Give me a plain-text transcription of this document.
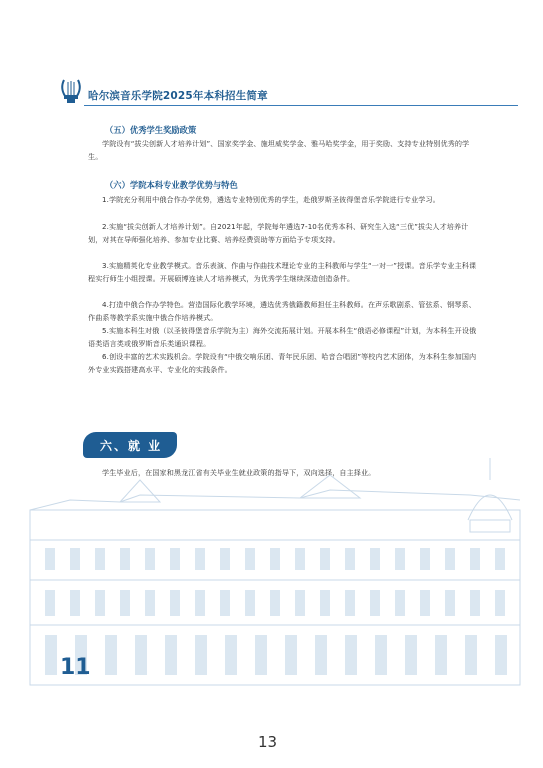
哈尔滨音乐学院2025年本科招生简章
（五）优秀学生奖励政策

学院设有“拔尖创新人才培养计划”、国家奖学金、施坦威奖学金、雅马哈奖学金，用于奖励、支持专业特别优秀的学生。

（六）学院本科专业教学优势与特色

1.学院充分利用中俄合作办学优势，遴选专业特别优秀的学生，赴俄罗斯圣彼得堡音乐学院进行专业学习。

2.实施“拔尖创新人才培养计划”。自2021年起，学院每年遴选7-10名优秀本科、研究生入选“三优”拔尖人才培养计划，对其在导师强化培养、参加专业比赛、培养经费资助等方面给予专项支持。

3.实施精英化专业教学模式。音乐表演、作曲与作曲技术理论专业的主科教师与学生“一对一”授课。音乐学专业主科课程实行师生小组授课。开展硕博连读人才培养模式，为优秀学生继续深造创造条件。

4.打造中俄合作办学特色。营造国际化教学环境，遴选优秀俄籍教师担任主科教师。在声乐歌剧系、管弦系、钢琴系、作曲系等教学系实施中俄合作培养模式。

5.实施本科生对俄（以圣彼得堡音乐学院为主）海外交流拓展计划。开展本科生“俄语必修课程”计划，为本科生开设俄语类语言类或俄罗斯音乐类通识课程。

6.创设丰富的艺术实践机会。学院设有“中俄交响乐团、青年民乐团、哈音合唱团”等校内艺术团体，为本科生参加国内外专业实践搭建高水平、专业化的实践条件。

六、就 业

学生毕业后，在国家和黑龙江省有关毕业生就业政策的指导下，双向选择，自主择业。

11
13
